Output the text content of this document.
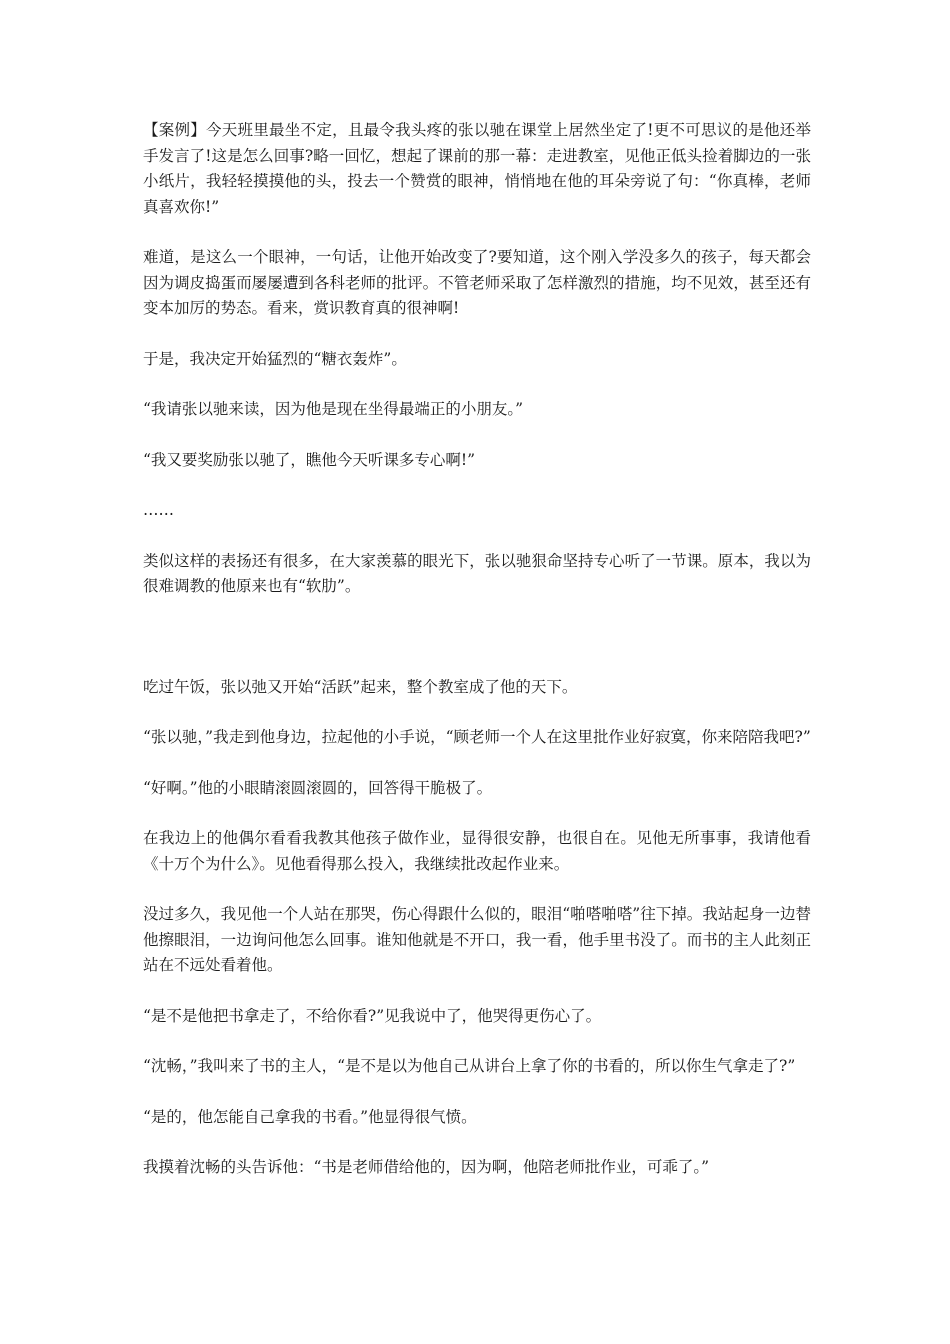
【案例】今天班里最坐不定，且最令我头疼的张以驰在课堂上居然坐定了!更不可思议的是他还举手发言了!这是怎么回事?略一回忆，想起了课前的那一幕：走进教室，见他正低头捡着脚边的一张小纸片，我轻轻摸摸他的头，投去一个赞赏的眼神，悄悄地在他的耳朵旁说了句：“你真棒，老师真喜欢你!”

难道，是这么一个眼神，一句话，让他开始改变了?要知道，这个刚入学没多久的孩子，每天都会因为调皮捣蛋而屡屡遭到各科老师的批评。不管老师采取了怎样激烈的措施，均不见效，甚至还有变本加厉的势态。看来，赏识教育真的很神啊!

于是，我决定开始猛烈的“糖衣轰炸”。

“我请张以驰来读，因为他是现在坐得最端正的小朋友。”

“我又要奖励张以驰了，瞧他今天听课多专心啊!”

……

类似这样的表扬还有很多，在大家羡慕的眼光下，张以驰狠命坚持专心听了一节课。原本，我以为很难调教的他原来也有“软肋”。

吃过午饭，张以弛又开始“活跃”起来，整个教室成了他的天下。

“张以驰，”我走到他身边，拉起他的小手说，“顾老师一个人在这里批作业好寂寞，你来陪陪我吧?”

“好啊。”他的小眼睛滚圆滚圆的，回答得干脆极了。

在我边上的他偶尔看看我教其他孩子做作业，显得很安静，也很自在。见他无所事事，我请他看《十万个为什么》。见他看得那么投入，我继续批改起作业来。

没过多久，我见他一个人站在那哭，伤心得跟什么似的，眼泪“啪嗒啪嗒”往下掉。我站起身一边替他擦眼泪，一边询问他怎么回事。谁知他就是不开口，我一看，他手里书没了。而书的主人此刻正站在不远处看着他。

“是不是他把书拿走了，不给你看?”见我说中了，他哭得更伤心了。

“沈畅，”我叫来了书的主人，“是不是以为他自己从讲台上拿了你的书看的，所以你生气拿走了?”

“是的，他怎能自己拿我的书看。”他显得很气愤。

我摸着沈畅的头告诉他：“书是老师借给他的，因为啊，他陪老师批作业，可乖了。”
